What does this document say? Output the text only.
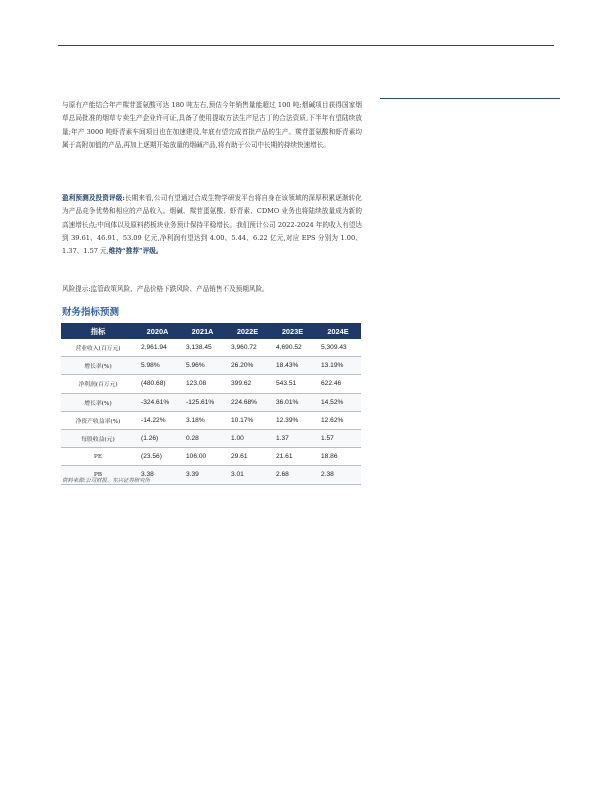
与原有产能结合年产羰苷蛋氨酸可达 180 吨左右,预估今年销售量能超过 100 吨;烟碱项目获得国家烟草总局批准的烟草专卖生产企业许可证,具备了使用提取方法生产尼古丁的合法资质,下半年有望陆续放量;年产 3000 吨虾青素车间项目也在加速建设,年底有望完成首批产品的生产。羰苷蛋氨酸和虾青素均属于高附加值的产品,再加上逐期开始放量的烟碱产品,将有助于公司中长期的持续快速增长。

盈利预测及投资评级:长期来看,公司有望通过合成生物学研发平台将自身在该领域的深厚积累逐渐转化为产品竞争优势和相应的产品收入。烟碱、羰苷蛋氨酸、虾青素、CDMO 业务也将陆续放量成为新的高速增长点;中间体以及原料药板块业务预计保持平稳增长。我们预计公司 2022-2024 年的收入有望达到 39.61、46.91、53.09 亿元,净利润有望达到 4.00、5.44、6.22 亿元,对应 EPS 分别为 1.00、1.37、1.57 元,维持“推荐”评级。

风险提示:监管政策风险、产品价格下跌风险、产品销售不及预期风险。

财务指标预测
指标	2020A	2021A	2022E	2023E	2024E
营业收入(百万元)	2,961.94	3,138.45	3,960.72	4,690.52	5,309.43
增长率(%)	5.98%	5.96%	26.20%	18.43%	13.19%
净利润(百万元)	(480.68)	123.08	399.62	543.51	622.46
增长率(%)	-324.61%	-125.61%	224.68%	36.01%	14.52%
净资产收益率(%)	-14.22%	3.18%	10.17%	12.39%	12.62%
每股收益(元)	(1.26)	0.28	1.00	1.37	1.57
PE	(23.56)	106.00	29.61	21.61	18.86
PB	3.38	3.39	3.01	2.68	2.38

资料来源:公司财报、东兴证券研究所
